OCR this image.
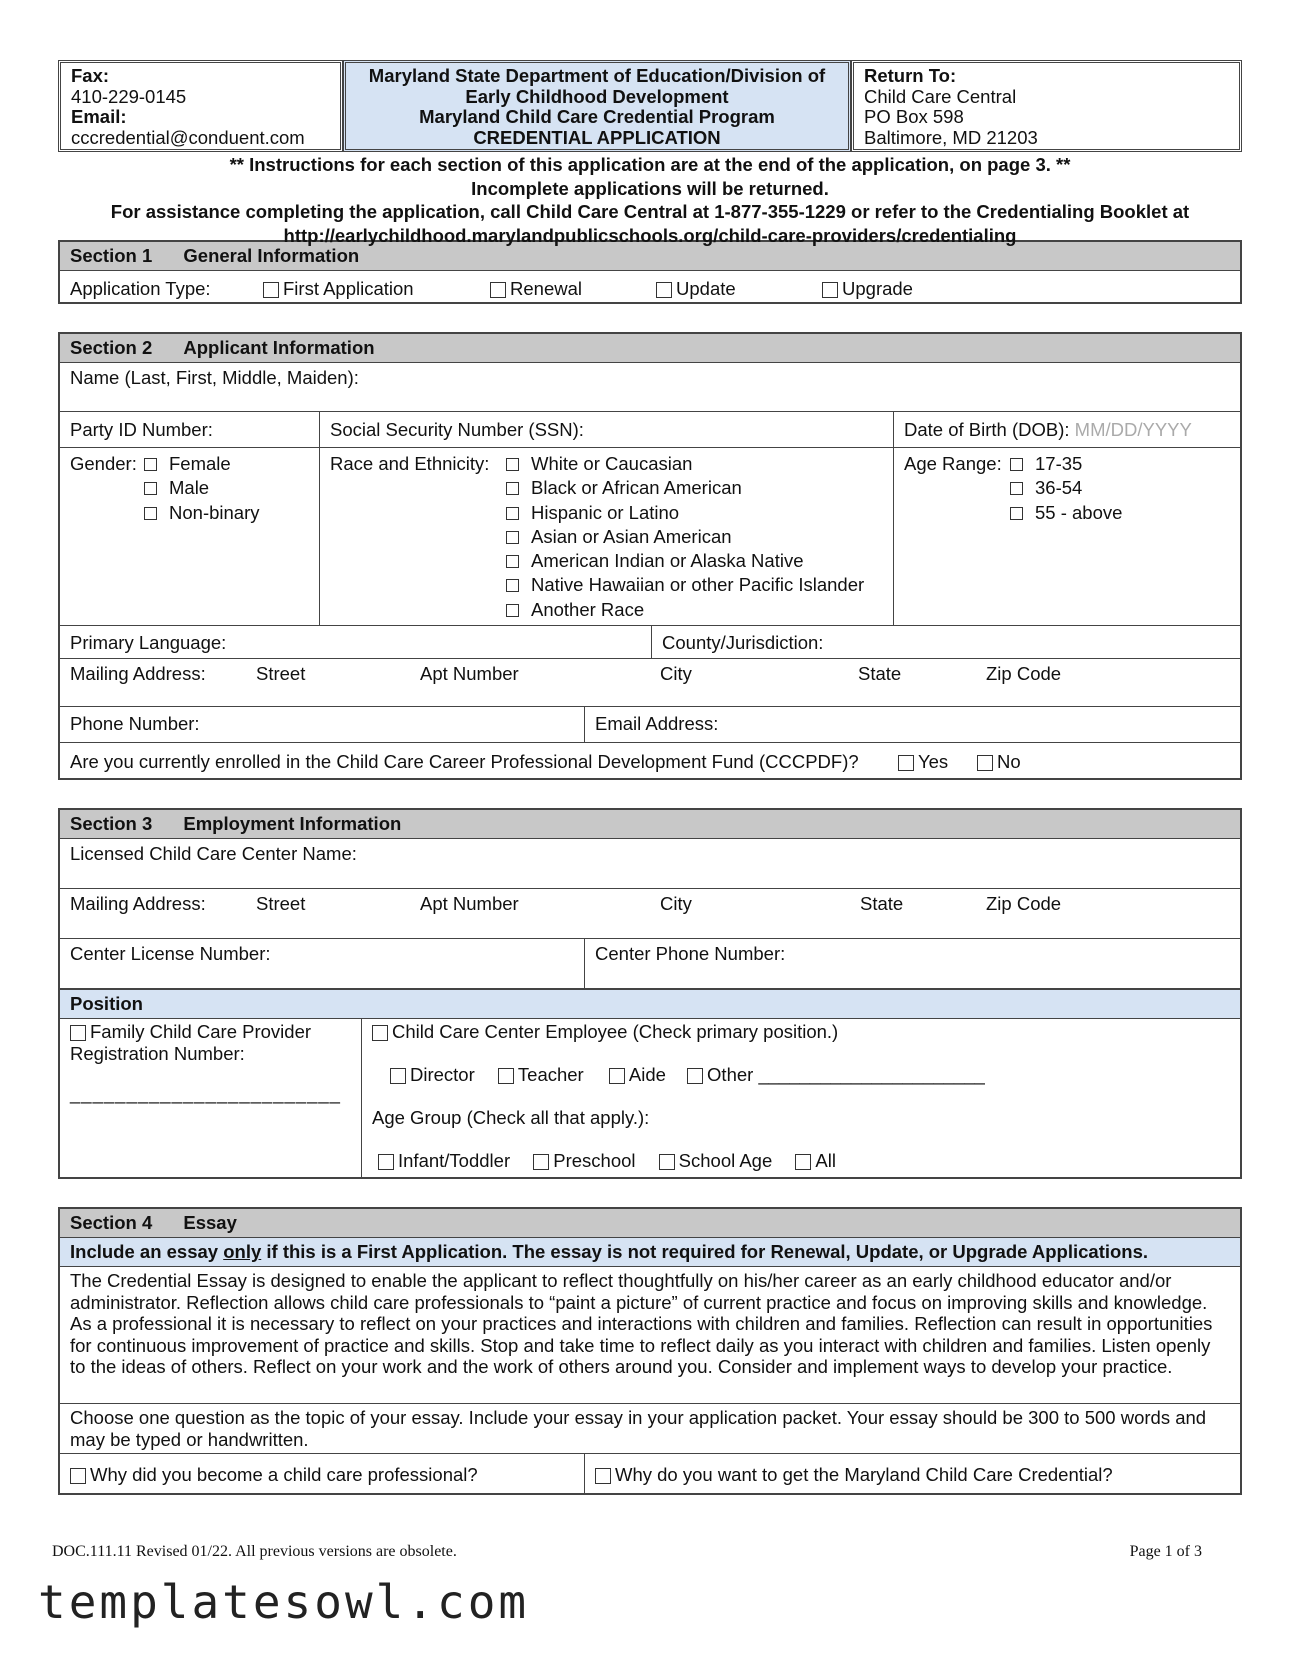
Fax:
410-229-0145
Email:
cccredential@conduent.com
Maryland State Department of Education/Division of
Early Childhood Development
Maryland Child Care Credential Program
CREDENTIAL APPLICATION
Return To:
Child Care Central
PO Box 598
Baltimore, MD 21203
** Instructions for each section of this application are at the end of the application, on page 3. **
Incomplete applications will be returned.
For assistance completing the application, call Child Care Central at 1-877-355-1229 or refer to the Credentialing Booklet at
http://earlychildhood.marylandpublicschools.org/child-care-providers/credentialing
Section 1 General Information
Application Type:	First Application	Renewal	Update	Upgrade
Section 2 Applicant Information
Name (Last, First, Middle, Maiden):
Party ID Number:	Social Security Number (SSN):	Date of Birth (DOB): MM/DD/YYYY
Gender:	Female
Male
Non-binary
Race and Ethnicity:	White or Caucasian
Black or African American
Hispanic or Latino
Asian or Asian American
American Indian or Alaska Native
Native Hawaiian or other Pacific Islander
Another Race
Age Range:	17-35
36-54
55 - above
Primary Language:	County/Jurisdiction:
Mailing Address:	Street	Apt Number	City	State	Zip Code
Phone Number:	Email Address:
Are you currently enrolled in the Child Care Career Professional Development Fund (CCCPDF)?	Yes	No
Section 3 Employment Information
Licensed Child Care Center Name:
Mailing Address:	Street	Apt Number	City	State	Zip Code
Center License Number:	Center Phone Number:
Position
Family Child Care Provider
Registration Number:
________________________
Child Care Center Employee (Check primary position.)
Director Teacher Aide Other ______________________
Age Group (Check all that apply.):
Infant/Toddler Preschool School Age All
Section 4 Essay
Include an essay only if this is a First Application. The essay is not required for Renewal, Update, or Upgrade Applications.
The Credential Essay is designed to enable the applicant to reflect thoughtfully on his/her career as an early childhood educator and/or administrator. Reflection allows child care professionals to “paint a picture” of current practice and focus on improving skills and knowledge. As a professional it is necessary to reflect on your practices and interactions with children and families. Reflection can result in opportunities for continuous improvement of practice and skills. Stop and take time to reflect daily as you interact with children and families. Listen openly to the ideas of others. Reflect on your work and the work of others around you. Consider and implement ways to develop your practice.
Choose one question as the topic of your essay. Include your essay in your application packet. Your essay should be 300 to 500 words and may be typed or handwritten.
Why did you become a child care professional?	Why do you want to get the Maryland Child Care Credential?
DOC.111.11 Revised 01/22. All previous versions are obsolete.	Page 1 of 3
templatesowl.com
